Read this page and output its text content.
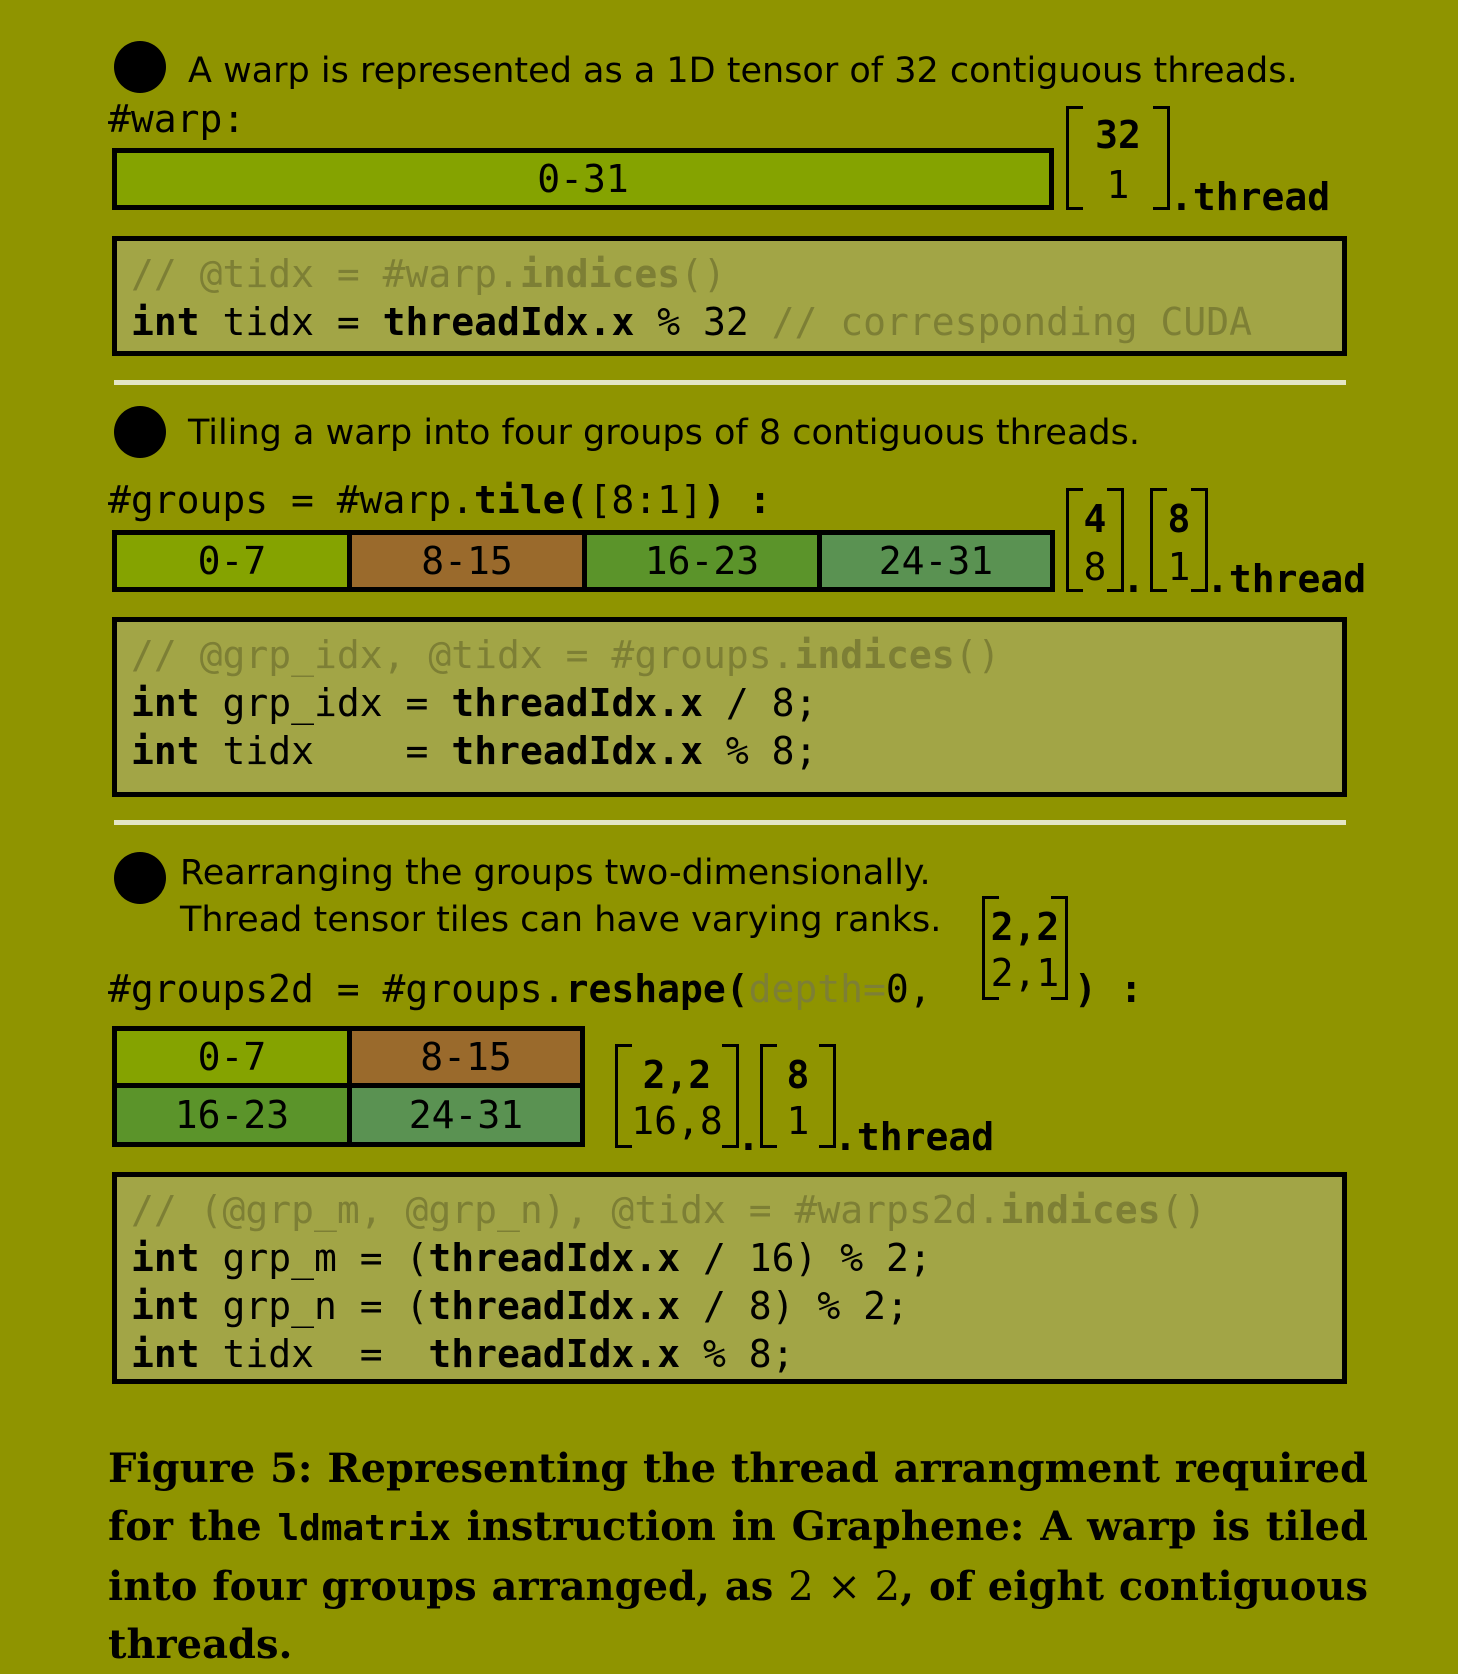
A warp is represented as a 1D tensor of 32 contiguous threads.
#warp:
0-31
32
1	.thread
// @tidx = #warp.indices()
int tidx = threadIdx.x % 32 // corresponding CUDA
Tiling a warp into four groups of 8 contiguous threads.
#groups = #warp.tile([8:1]) :
0-7	8-15	16-23	24-31
4
8 .
8
1 .thread
// @grp_idx, @tidx = #groups.indices()
int grp_idx = threadIdx.x / 8;
int tidx    = threadIdx.x % 8;
Rearranging the groups two-dimensionally.
Thread tensor tiles can have varying ranks.
#groups2d = #groups.reshape(depth=0,
2,2
2,1 ) :
0-7	8-15
16-23	24-31
2,2
16,8 .
8
1 .thread
// (@grp_m, @grp_n), @tidx = #warps2d.indices()
int grp_m = (threadIdx.x / 16) % 2;
int grp_n = (threadIdx.x / 8) % 2;
int tidx  =  threadIdx.x % 8;
Figure 5: Representing the thread arrangment required for the ldmatrix instruction in Graphene: A warp is tiled into four groups arranged, as 2 × 2, of eight contiguous threads.
